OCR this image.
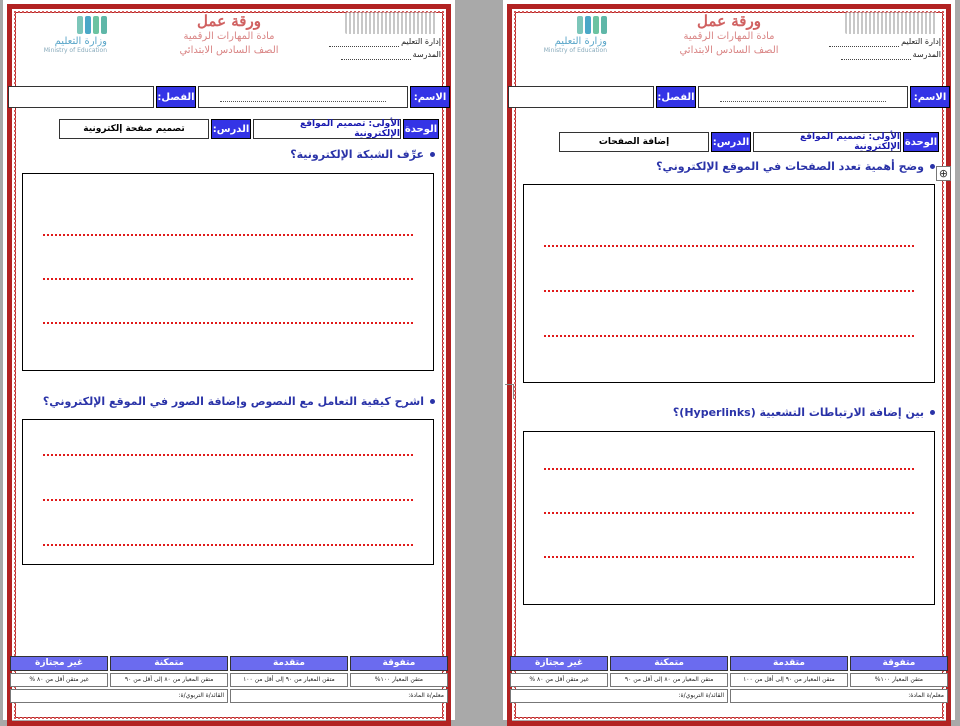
إدارة التعليم
المدرسة
ورقة عمل
مادة المهارات الرقمية
الصف السادس الابتدائي
وزارة التعليم
Ministry of Education
الاسم:
الفصل:
الوحدة
الأولى: تصميم المواقع الإلكترونية
الدرس:
تصميم صفحة إلكترونية
عرِّف الشبكة الإلكترونية؟
اشرح كيفية التعامل مع النصوص وإضافة الصور في الموقع الإلكتروني؟
متفوقة
متقدمة
متمكنة
غير مجتازة
متقن المعيار ١٠٠%
متقن المعيار من ٩٠ إلى أقل من ١٠٠
متقن المعيار من ٨٠ إلى أقل من ٩٠
غير متقن أقل من ٨٠ %
معلم/ة المادة:
القائد/ة التربوي/ة:
إدارة التعليم
المدرسة
ورقة عمل
مادة المهارات الرقمية
الصف السادس الابتدائي
وزارة التعليم
Ministry of Education
الاسم:
الفصل:
الوحدة
الأولى: تصميم المواقع الإلكترونية
الدرس:
إضافة الصفحات
وضح أهمية تعدد الصفحات في الموقع الإلكتروني؟
بين إضافة الارتباطات التشعبية (Hyperlinks)؟
متفوقة
متقدمة
متمكنة
غير مجتازة
متقن المعيار ١٠٠%
متقن المعيار من ٩٠ إلى أقل من ١٠٠
متقن المعيار من ٨٠ إلى أقل من ٩٠
غير متقن أقل من ٨٠ %
معلم/ة المادة:
القائد/ة التربوي/ة:
⊕
